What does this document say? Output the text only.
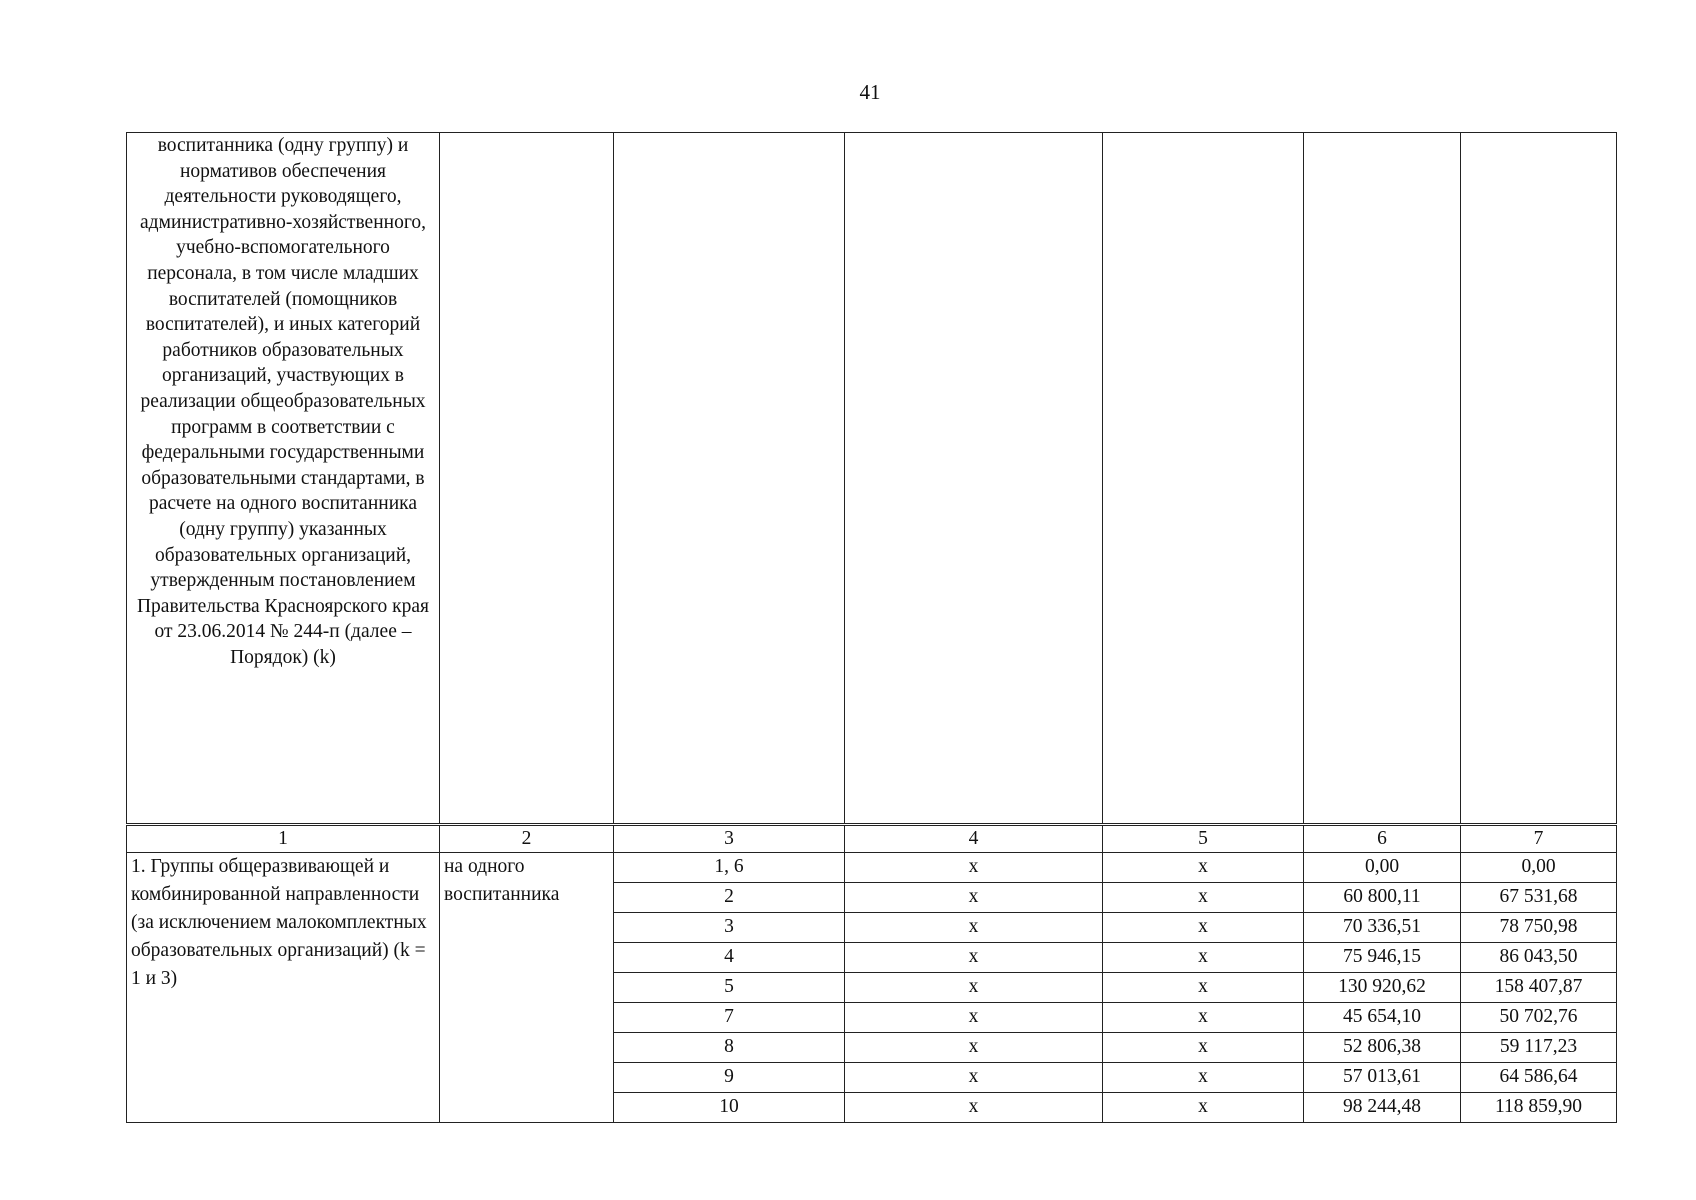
41
воспитанника (одну группу) и нормативов обеспечения деятельности руководящего, административно-хозяйственного, учебно-вспомогательного персонала, в том числе младших воспитателей (помощников воспитателей), и иных категорий работников образовательных организаций, участвующих в реализации общеобразовательных программ в соответствии с федеральными государственными образовательными стандартами, в расчете на одного воспитанника (одну группу) указанных образовательных организаций, утвержденным постановлением Правительства Красноярского края от 23.06.2014 № 244-п (далее – Порядок) (k)						
1	2	3	4	5	6	7
1. Группы общеразвивающей и комбинированной направленности (за исключением малокомплектных образовательных организаций) (k = 1 и 3)	на одного воспитанника	1, 6	х	х	0,00	0,00
		2	х	х	60 800,11	67 531,68
		3	х	х	70 336,51	78 750,98
		4	х	х	75 946,15	86 043,50
		5	х	х	130 920,62	158 407,87
		7	х	х	45 654,10	50 702,76
		8	х	х	52 806,38	59 117,23
		9	х	х	57 013,61	64 586,64
		10	х	х	98 244,48	118 859,90
